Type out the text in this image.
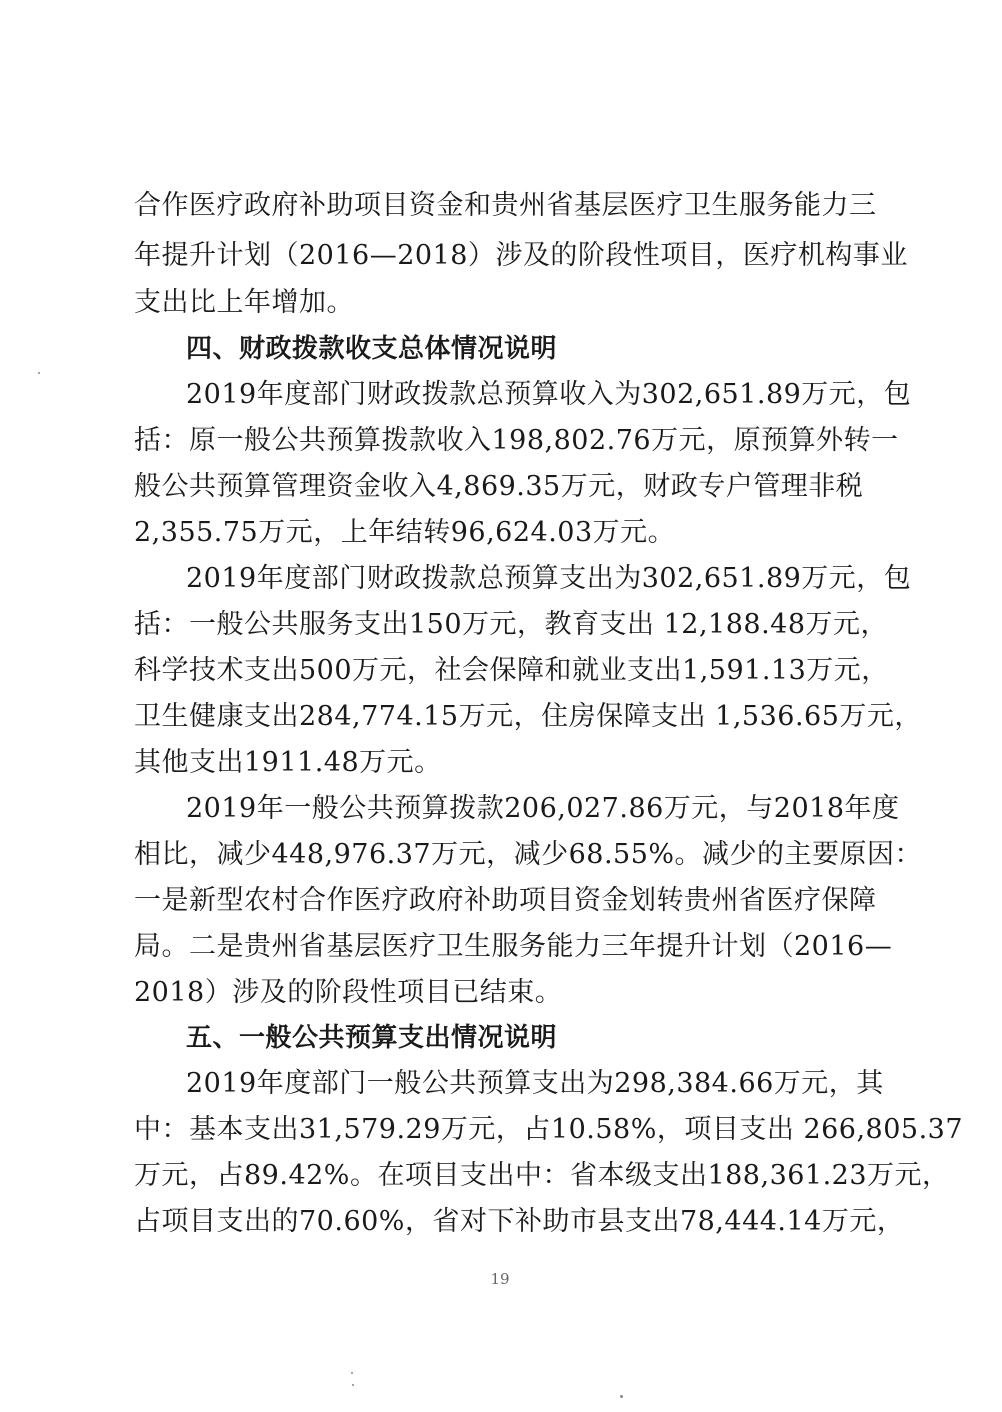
合作医疗政府补助项目资金和贵州省基层医疗卫生服务能力三
年提升计划（2016—2018）涉及的阶段性项目，医疗机构事业
支出比上年增加。
四、财政拨款收支总体情况说明
2019年度部门财政拨款总预算收入为302,651.89万元，包
括：原一般公共预算拨款收入198,802.76万元，原预算外转一
般公共预算管理资金收入4,869.35万元，财政专户管理非税
2,355.75万元，上年结转96,624.03万元。
2019年度部门财政拨款总预算支出为302,651.89万元，包
括：一般公共服务支出150万元，教育支出 12,188.48万元，
科学技术支出500万元，社会保障和就业支出1,591.13万元，
卫生健康支出284,774.15万元，住房保障支出 1,536.65万元，
其他支出1911.48万元。
2019年一般公共预算拨款206,027.86万元，与2018年度
相比，减少448,976.37万元，减少68.55%。减少的主要原因：
一是新型农村合作医疗政府补助项目资金划转贵州省医疗保障
局。二是贵州省基层医疗卫生服务能力三年提升计划（2016—
2018）涉及的阶段性项目已结束。
五、一般公共预算支出情况说明
2019年度部门一般公共预算支出为298,384.66万元，其
中：基本支出31,579.29万元，占10.58%，项目支出 266,805.37
万元，占89.42%。在项目支出中：省本级支出188,361.23万元，
占项目支出的70.60%，省对下补助市县支出78,444.14万元，
19
